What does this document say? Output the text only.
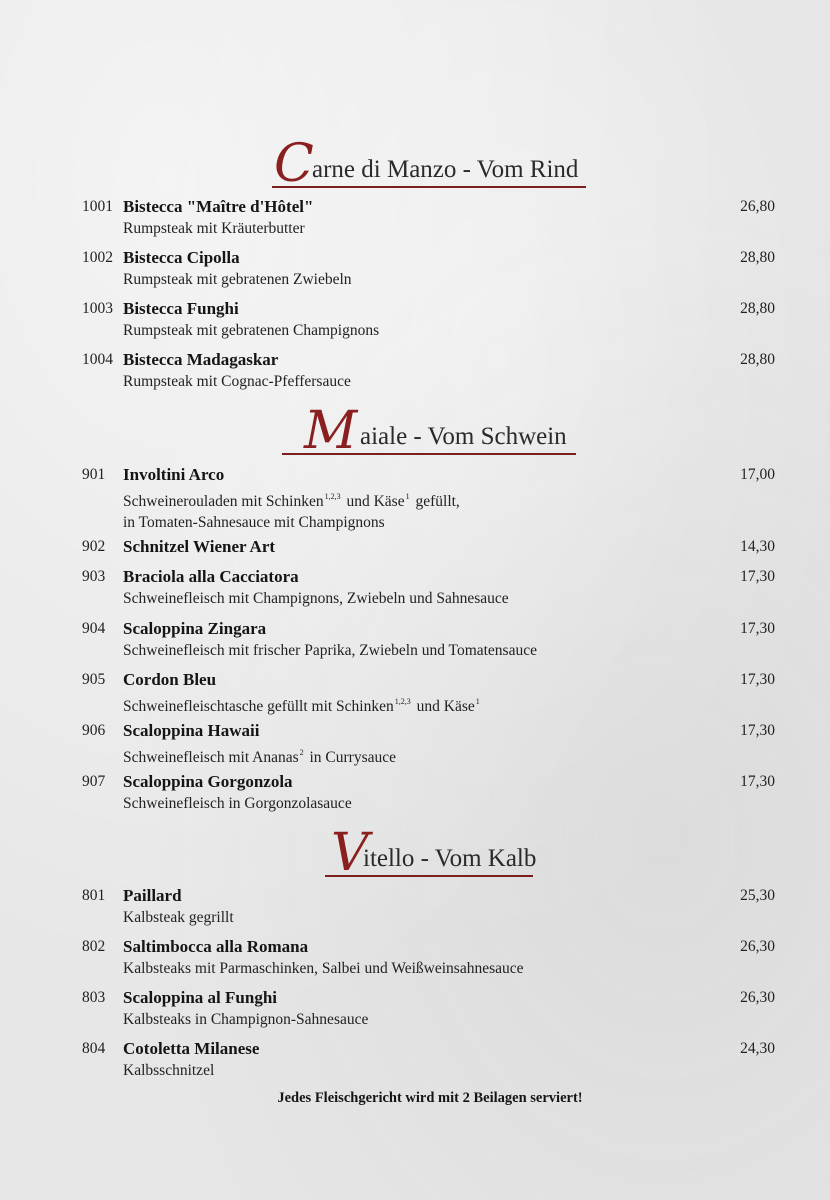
C
arne di Manzo - Vom Rind
1001 Bistecca "Maître d'Hôtel"
Rumpsteak mit Kräuterbutter
26,80
1002 Bistecca Cipolla
Rumpsteak mit gebratenen Zwiebeln
28,80
1003 Bistecca Funghi
Rumpsteak mit gebratenen Champignons
28,80
1004 Bistecca Madagaskar
Rumpsteak mit Cognac-Pfeffersauce
28,80
M aiale - Vom Schwein
901 Involtini Arco
Schweinerouladen mit Schinken$^{1,2,3}$ und Käse$^1$ gefüllt,
in Tomaten-Sahnesauce mit Champignons
17,00
902 Schnitzel Wiener Art	14,30
903 Braciola alla Cacciatora
Schweinefleisch mit Champignons, Zwiebeln und Sahnesauce
17,30
904 Scaloppina Zingara
Schweinefleisch mit frischer Paprika, Zwiebeln und Tomatensauce
17,30
905 Cordon Bleu
Schweinefleischtasche gefüllt mit Schinken$^{1,2,3}$ und Käse$^1$
17,30
906 Scaloppina Hawaii
Schweinefleisch mit Ananas$^2$ in Currysauce
17,30
907 Scaloppina Gorgonzola
Schweinefleisch in Gorgonzolasauce
17,30
V
itello - Vom Kalb
801 Paillard
Kalbsteak gegrillt
25,30
802 Saltimbocca alla Romana
Kalbsteaks mit Parmaschinken, Salbei und Weißweinsahnesauce
26,30
803 Scaloppina al Funghi
Kalbsteaks in Champignon-Sahnesauce
26,30
804 Cotoletta Milanese
Kalbsschnitzel
24,30
Jedes Fleischgericht wird mit 2 Beilagen serviert!
